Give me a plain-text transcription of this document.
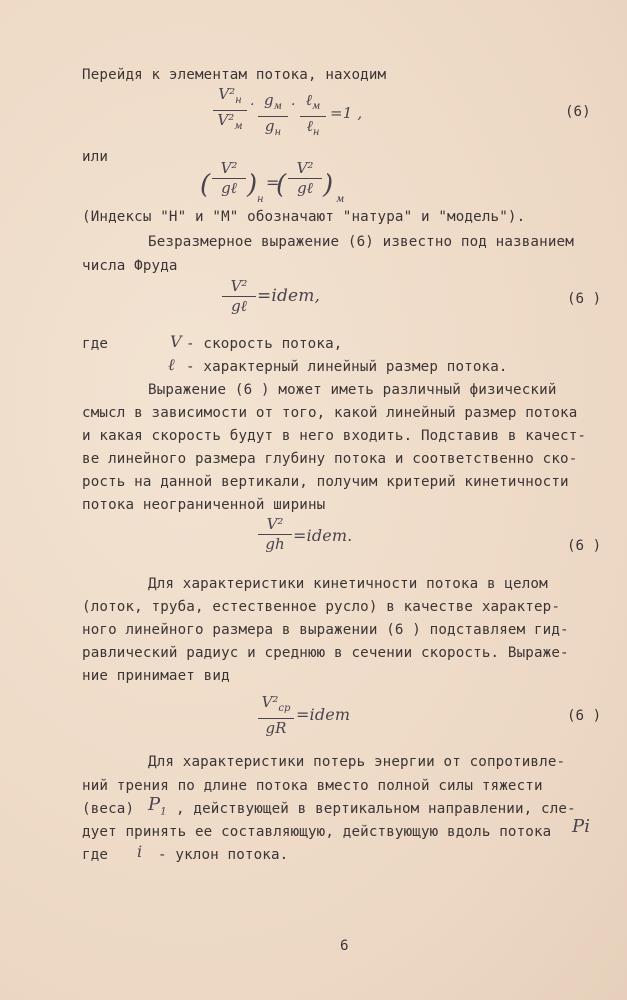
Перейдя к элементам потока, находим
$V^2_н$
$V^2_м$
· $g_м$
$g_н$
· ℓ$_м$
ℓ$_н$
=1 ,	(6)
или
(
V²
gℓ ) н
=
(
V²
gℓ ) м
(Индексы "Н" и "М" обозначают "натура" и "модель").
Безразмерное выражение (6) известно под названием
числа Фруда
V²
gℓ =idem,	(6 )
где	V - скорость потока,
ℓ - характерный линейный размер потока.
Выражение (6 ) может иметь различный физический
смысл в зависимости от того, какой линейный размер потока
и какая скорость будут в него входить. Подставив в качест-
ве линейного размера глубину потока и соответственно ско-
рость на данной вертикали, получим критерий кинетичности
потока неограниченной ширины
V²
gh =idem.
(6 )
Для характеристики кинетичности потока в целом
(лоток, труба, естественное русло) в качестве характер-
ного линейного размера в выражении (6 ) подставляем гид-
равлический радиус и среднюю в сечении скорость. Выраже-
ние принимает вид
$V^2_{ср}$
gR
=idem	(6 )
Для характеристики потерь энергии от сопротивле-
ний трения по длине потока вместо полной силы тяжести
(веса) $P_1$ , действующей в вертикальном направлении, сле-
дует принять ее составляющую, действующую вдоль потока Pi
где i - уклон потока.
6
